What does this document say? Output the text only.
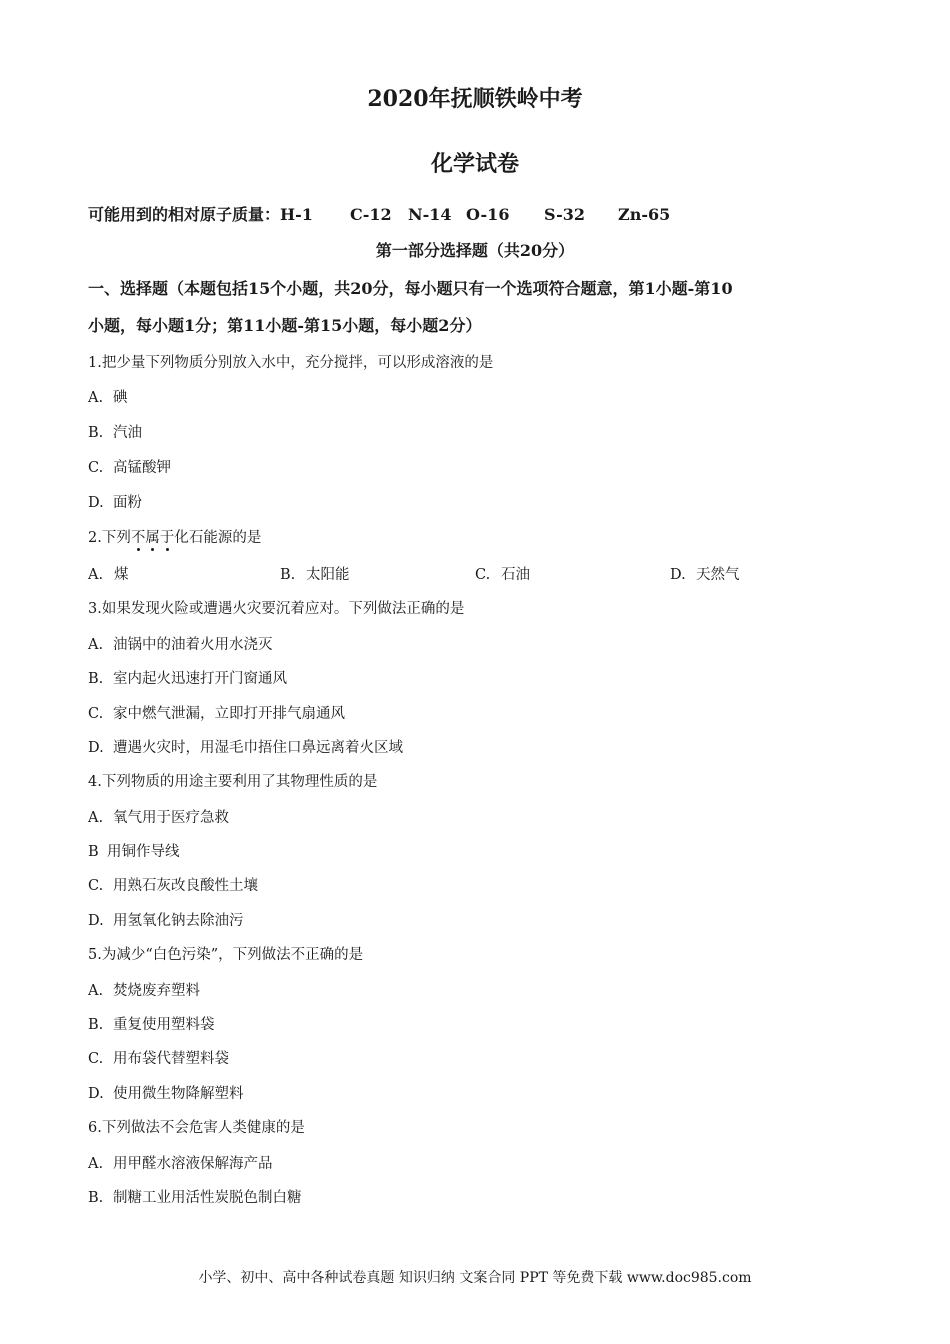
2020年抚顺铁岭中考
化学试卷
可能用到的相对原子质量：H-1 C-12 N-14 O-16 S-32 Zn-65
第一部分选择题（共20分）
一、选择题（本题包括15个小题，共20分，每小题只有一个选项符合题意，第1小题-第10
小题，每小题1分；第11小题-第15小题，每小题2分）
1.把少量下列物质分别放入水中，充分搅拌，可以形成溶液的是
A. 碘
B. 汽油
C. 高锰酸钾
D. 面粉
2.下列不属于化石能源的是
A. 煤	B. 太阳能	C. 石油	D. 天然气
3.如果发现火险或遭遇火灾要沉着应对。下列做法正确的是
A. 油锅中的油着火用水浇灭
B. 室内起火迅速打开门窗通风
C. 家中燃气泄漏，立即打开排气扇通风
D. 遭遇火灾时，用湿毛巾捂住口鼻远离着火区域
4.下列物质的用途主要利用了其物理性质的是
A. 氧气用于医疗急救
B 用铜作导线
C. 用熟石灰改良酸性土壤
D. 用氢氧化钠去除油污
5.为减少“白色污染”，下列做法不正确的是
A. 焚烧废弃塑料
B. 重复使用塑料袋
C. 用布袋代替塑料袋
D. 使用微生物降解塑料
6.下列做法不会危害人类健康的是
A. 用甲醛水溶液保解海产品
B. 制糖工业用活性炭脱色制白糖
小学、初中、高中各种试卷真题 知识归纳 文案合同 PPT 等免费下载 www.doc985.com
